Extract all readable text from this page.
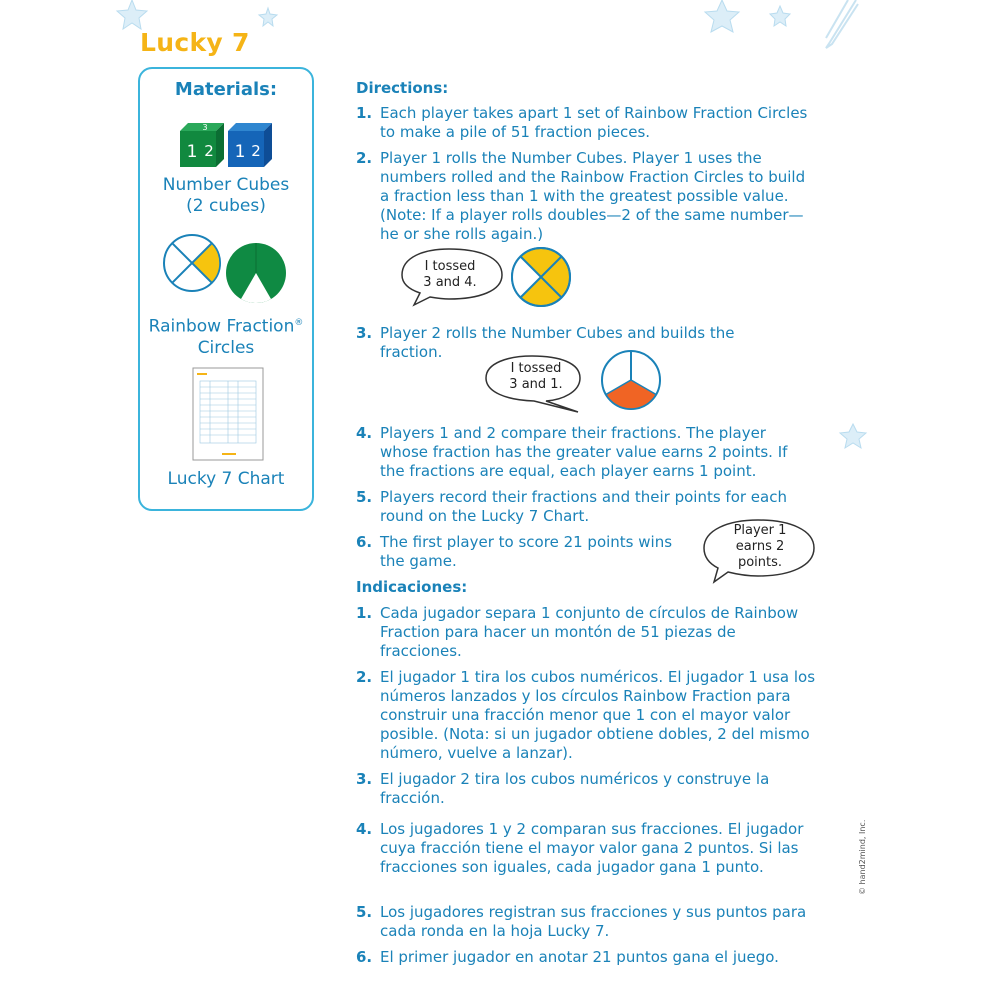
Lucky 7
Materials:
3
1 2 1 2
Number Cubes
(2 cubes)
Rainbow Fraction®
Circles
Lucky 7 Chart
Directions:
1. Each player takes apart 1 set of Rainbow Fraction Circles to make a pile of 51 fraction pieces.
2. Player 1 rolls the Number Cubes. Player 1 uses the numbers rolled and the Rainbow Fraction Circles to build a fraction less than 1 with the greatest possible value. (Note: If a player rolls doubles—2 of the same number—he or she rolls again.)
I tossed
3 and 4.
3. Player 2 rolls the Number Cubes and builds the fraction.
I tossed
3 and 1.
4. Players 1 and 2 compare their fractions. The player whose fraction has the greater value earns 2 points. If the fractions are equal, each player earns 1 point.
5. Players record their fractions and their points for each round on the Lucky 7 Chart.
6. The first player to score 21 points wins the game.
Player 1
earns 2
points.
Indicaciones:
1. Cada jugador separa 1 conjunto de círculos de Rainbow Fraction para hacer un montón de 51 piezas de fracciones.
2. El jugador 1 tira los cubos numéricos. El jugador 1 usa los números lanzados y los círculos Rainbow Fraction para construir una fracción menor que 1 con el mayor valor posible. (Nota: si un jugador obtiene dobles, 2 del mismo número, vuelve a lanzar).
3. El jugador 2 tira los cubos numéricos y construye la fracción.
4. Los jugadores 1 y 2 comparan sus fracciones. El jugador cuya fracción tiene el mayor valor gana 2 puntos. Si las fracciones son iguales, cada jugador gana 1 punto.
5. Los jugadores registran sus fracciones y sus puntos para cada ronda en la hoja Lucky 7.
6. El primer jugador en anotar 21 puntos gana el juego.
© hand2mind, Inc.
